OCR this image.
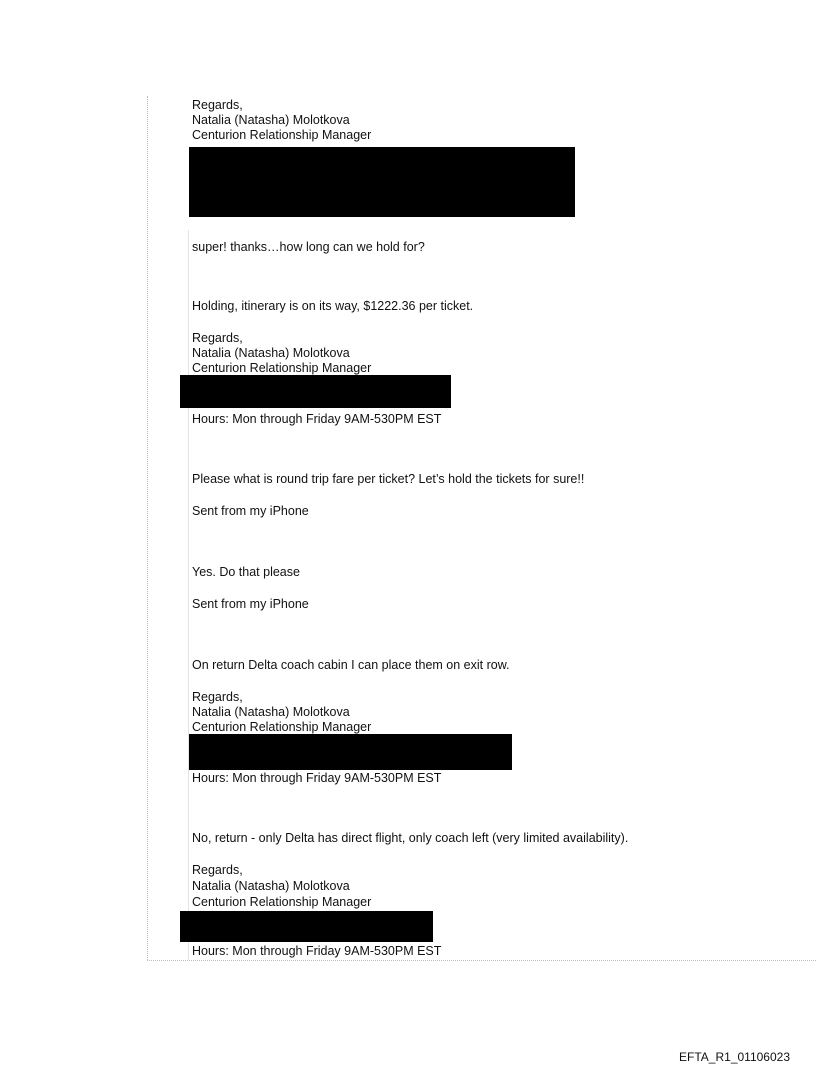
Regards,
Natalia (Natasha) Molotkova
Centurion Relationship Manager
super! thanks…how long can we hold for?
Holding, itinerary is on its way, $1222.36 per ticket.
Regards,
Natalia (Natasha) Molotkova
Centurion Relationship Manager
Hours: Mon through Friday 9AM-530PM EST
Please what is round trip fare per ticket? Let’s hold the tickets for sure!!
Sent from my iPhone
Yes. Do that please
Sent from my iPhone
On return Delta coach cabin I can place them on exit row.
Regards,
Natalia (Natasha) Molotkova
Centurion Relationship Manager
Hours: Mon through Friday 9AM-530PM EST
No, return - only Delta has direct flight, only coach left (very limited availability).
Regards,
Natalia (Natasha) Molotkova
Centurion Relationship Manager
Hours: Mon through Friday 9AM-530PM EST
EFTA_R1_01106023
